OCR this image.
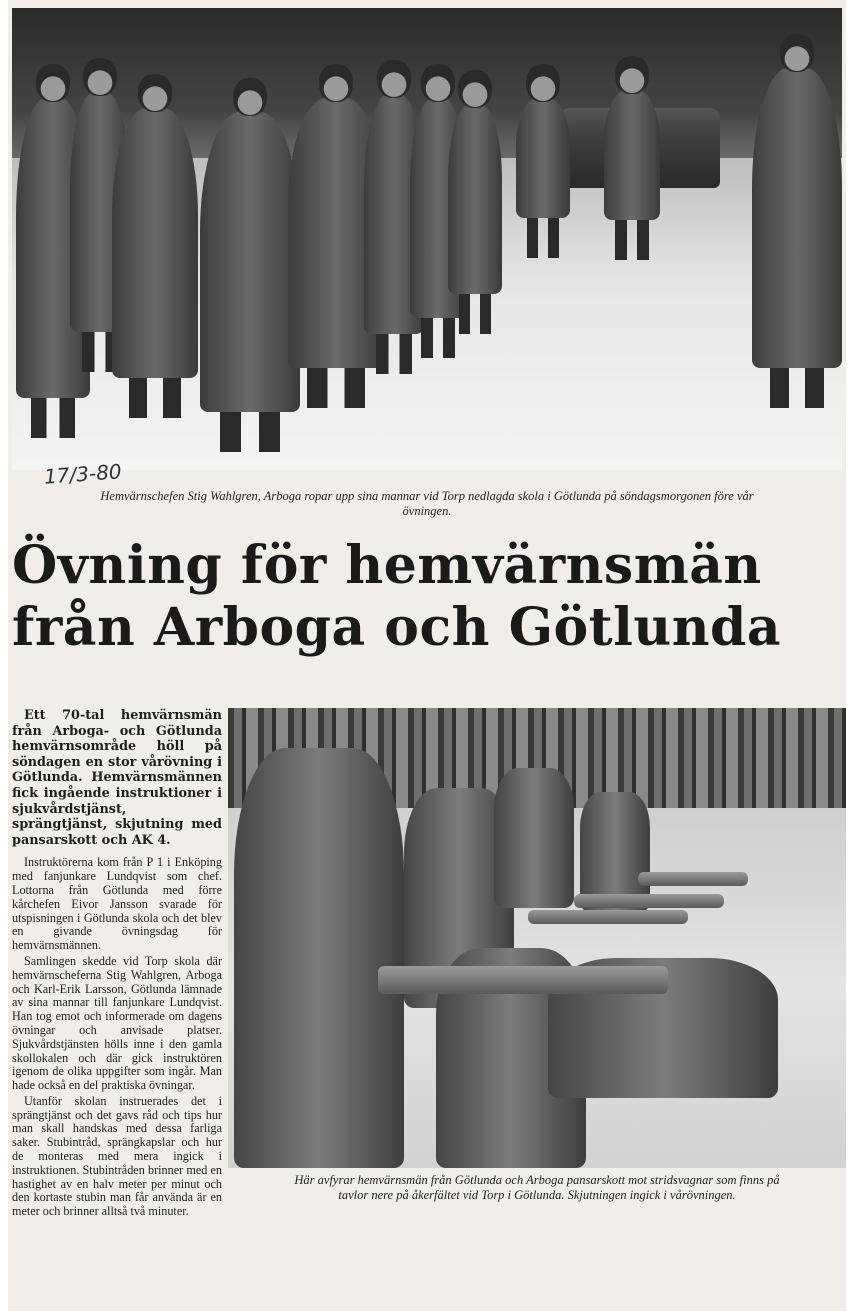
17/3-80
Hemvärnschefen Stig Wahlgren, Arboga ropar upp sina mannar vid Torp nedlagda skola i Götlunda på söndagsmorgonen före vår
övningen.
Övning för hemvärnsmän
från Arboga och Götlunda

Ett 70-tal hemvärnsmän från Arboga- och Götlunda hemvärnsområde höll på söndagen en stor vårövning i Götlunda. Hemvärnsmännen fick ingående instruktioner i sjukvårdstjänst, sprängtjänst, skjutning med pansarskott och AK 4.

Instruktörerna kom från P 1 i Enköping med fanjunkare Lundqvist som chef. Lottorna från Götlunda med förre kårchefen Eivor Jansson svarade för utspisningen i Götlunda skola och det blev en givande övningsdag för hemvärnsmännen.

Samlingen skedde vid Torp skola där hemvärnscheferna Stig Wahlgren, Arboga och Karl-Erik Larsson, Götlunda lämnade av sina mannar till fanjunkare Lundqvist. Han tog emot och informerade om dagens övningar och anvisade platser. Sjukvårdstjänsten hölls inne i den gamla skollokalen och där gick instruktören igenom de olika uppgifter som ingår. Man hade också en del praktiska övningar.

Utanför skolan instruerades det i sprängtjänst och det gavs råd och tips hur man skall handskas med dessa farliga saker. Stubintråd, sprängkapslar och hur de monteras med mera ingick i instruktionen. Stubintråden brinner med en hastighet av en halv meter per minut och den kortaste stubin man får använda är en meter och brinner alltså två minuter.

Här avfyrar hemvärnsmän från Götlunda och Arboga pansarskott mot stridsvagnar som finns på
tavlor nere på åkerfältet vid Torp i Götlunda. Skjutningen ingick i vårövningen.
